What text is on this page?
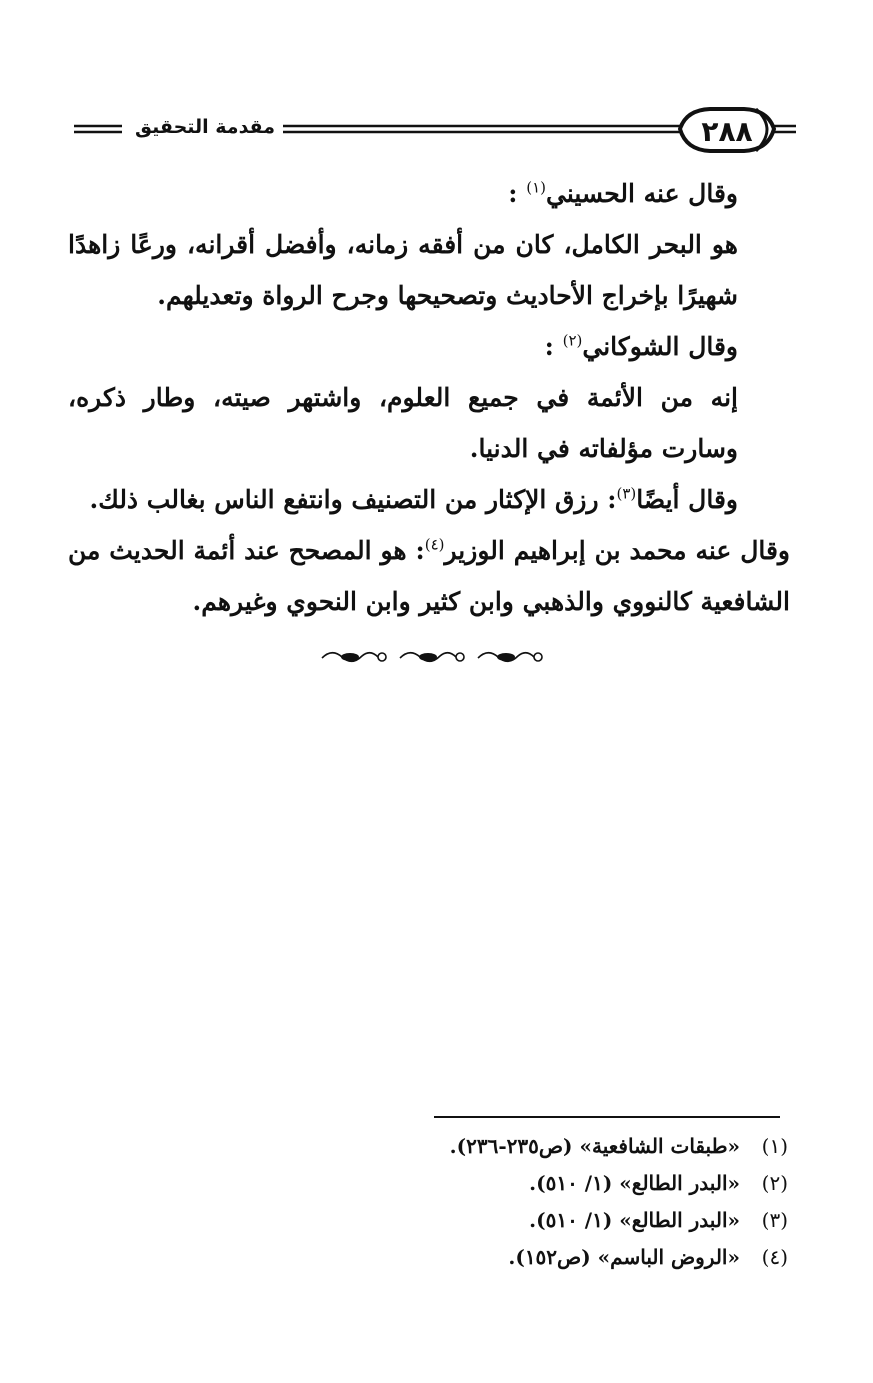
٢٨٨
مقدمة التحقيق

وقال عنه الحسيني$^{(١)}$ :

هو البحر الكامل، كان من أفقه زمانه، وأفضل أقرانه، ورعًا زاهدًا شهيرًا بإخراج الأحاديث وتصحيحها وجرح الرواة وتعديلهم.

وقال الشوكاني$^{(٢)}$ :

إنه من الأئمة في جميع العلوم، واشتهر صيته، وطار ذكره، وسارت مؤلفاته في الدنيا.

وقال أيضًا$^{(٣)}$: رزق الإكثار من التصنيف وانتفع الناس بغالب ذلك.

وقال عنه محمد بن إبراهيم الوزير$^{(٤)}$: هو المصحح عند أئمة الحديث من الشافعية كالنووي والذهبي وابن كثير وابن النحوي وغيرهم.

(١)
«طبقات الشافعية» (ص٢٣٥-٢٣٦).
(٢)
«البدر الطالع» (١/ ٥١٠).
(٣)
«البدر الطالع» (١/ ٥١٠).
(٤)
«الروض الباسم» (ص١٥٢).
